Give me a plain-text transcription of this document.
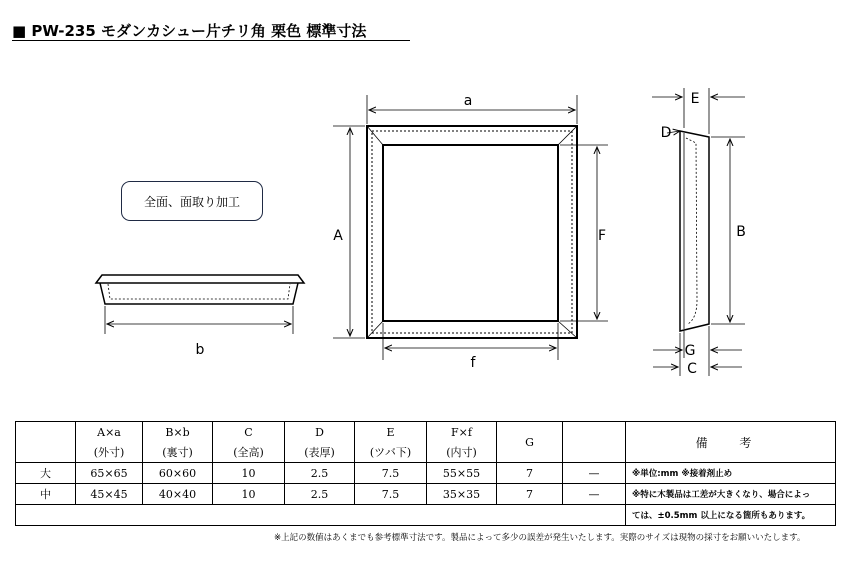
■ PW-235 モダンカシュー片チリ角 栗色 標準寸法
a
A
f
F
b
E
D
B
G
C
全面、面取り加工
	A×a	B×b	C	D	E	F×f	G		備 考
	(外寸)	(裏寸)	(全高)	(表厚)	(ツバ下)	(内寸)			
大	65×65	60×60	10	2.5	7.5	55×55	7	—	※単位:mm ※接着剤止め
中	45×45	40×40	10	2.5	7.5	35×35	7	—	※特に木製品は工差が大きくなり、場合によっ
									ては、±0.5mm 以上になる箇所もあります。
※上記の数値はあくまでも参考標準寸法です。製品によって多少の誤差が発生いたします。実際のサイズは現物の採寸をお願いいたします。
